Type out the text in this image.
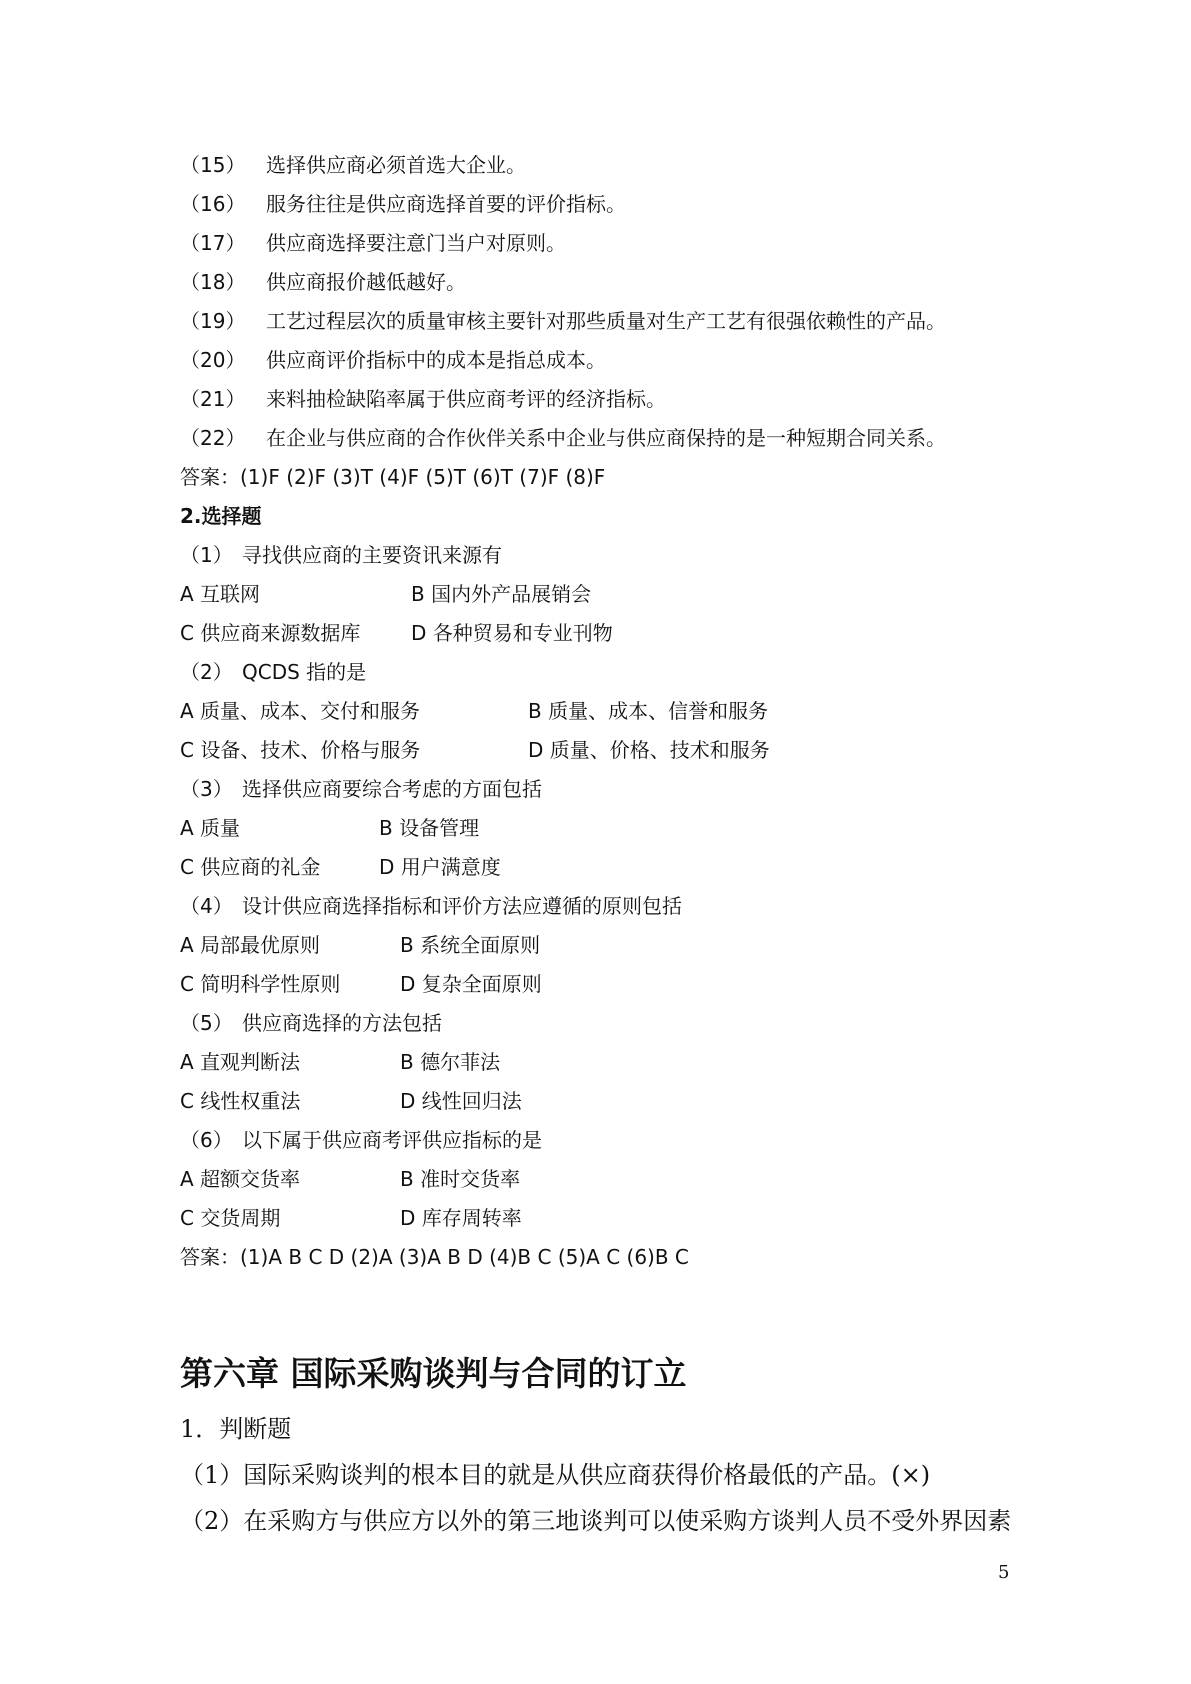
（15） 选择供应商必须首选大企业。
（16） 服务往往是供应商选择首要的评价指标。
（17） 供应商选择要注意门当户对原则。
（18） 供应商报价越低越好。
（19） 工艺过程层次的质量审核主要针对那些质量对生产工艺有很强依赖性的产品。
（20） 供应商评价指标中的成本是指总成本。
（21） 来料抽检缺陷率属于供应商考评的经济指标。
（22） 在企业与供应商的合作伙伴关系中企业与供应商保持的是一种短期合同关系。
答案：(1)F (2)F (3)T (4)F (5)T (6)T (7)F (8)F
2.选择题
（1） 寻找供应商的主要资讯来源有
A 互联网	B 国内外产品展销会
C 供应商来源数据库	D 各种贸易和专业刊物
（2） QCDS 指的是
A 质量、成本、交付和服务	B 质量、成本、信誉和服务
C 设备、技术、价格与服务	D 质量、价格、技术和服务
（3） 选择供应商要综合考虑的方面包括
A 质量	B 设备管理
C 供应商的礼金	D 用户满意度
（4） 设计供应商选择指标和评价方法应遵循的原则包括
A 局部最优原则	B 系统全面原则
C 简明科学性原则	D 复杂全面原则
（5） 供应商选择的方法包括
A 直观判断法	B 德尔菲法
C 线性权重法	D 线性回归法
（6） 以下属于供应商考评供应指标的是
A 超额交货率	B 准时交货率
C 交货周期	D 库存周转率
答案：(1)A B C D (2)A (3)A B D (4)B C (5)A C (6)B C
第六章 国际采购谈判与合同的订立
1．判断题
（1）国际采购谈判的根本目的就是从供应商获得价格最低的产品。(×)
（2）在采购方与供应方以外的第三地谈判可以使采购方谈判人员不受外界因素
5
